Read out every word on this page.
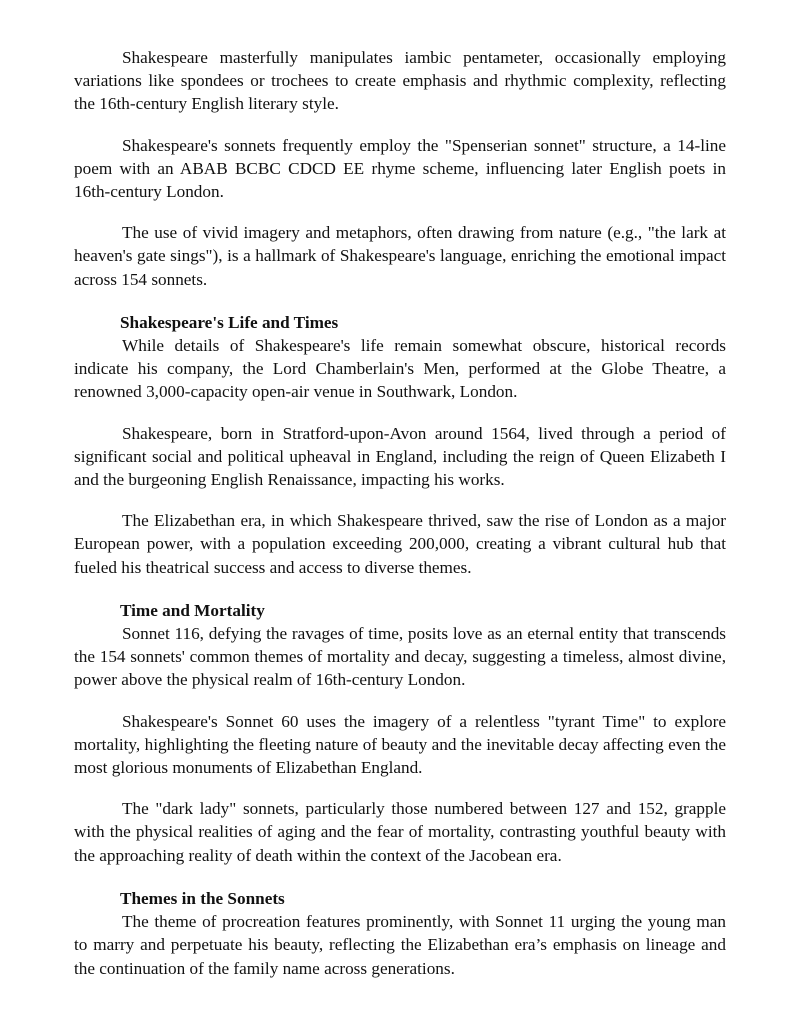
Shakespeare masterfully manipulates iambic pentameter, occasionally employing variations like spondees or trochees to create emphasis and rhythmic complexity, reflecting the 16th-century English literary style.

Shakespeare's sonnets frequently employ the "Spenserian sonnet" structure, a 14-line poem with an ABAB BCBC CDCD EE rhyme scheme, influencing later English poets in 16th-century London.

The use of vivid imagery and metaphors, often drawing from nature (e.g., "the lark at heaven's gate sings"), is a hallmark of Shakespeare's language, enriching the emotional impact across 154 sonnets.

Shakespeare's Life and Times

While details of Shakespeare's life remain somewhat obscure, historical records indicate his company, the Lord Chamberlain's Men, performed at the Globe Theatre, a renowned 3,000-capacity open-air venue in Southwark, London.

Shakespeare, born in Stratford-upon-Avon around 1564, lived through a period of significant social and political upheaval in England, including the reign of Queen Elizabeth I and the burgeoning English Renaissance, impacting his works.

The Elizabethan era, in which Shakespeare thrived, saw the rise of London as a major European power, with a population exceeding 200,000, creating a vibrant cultural hub that fueled his theatrical success and access to diverse themes.

Time and Mortality

Sonnet 116, defying the ravages of time, posits love as an eternal entity that transcends the 154 sonnets' common themes of mortality and decay, suggesting a timeless, almost divine, power above the physical realm of 16th-century London.

Shakespeare's Sonnet 60 uses the imagery of a relentless "tyrant Time" to explore mortality, highlighting the fleeting nature of beauty and the inevitable decay affecting even the most glorious monuments of Elizabethan England.

The "dark lady" sonnets, particularly those numbered between 127 and 152, grapple with the physical realities of aging and the fear of mortality, contrasting youthful beauty with the approaching reality of death within the context of the Jacobean era.

Themes in the Sonnets

The theme of procreation features prominently, with Sonnet 11 urging the young man to marry and perpetuate his beauty, reflecting the Elizabethan era’s emphasis on lineage and the continuation of the family name across generations.
